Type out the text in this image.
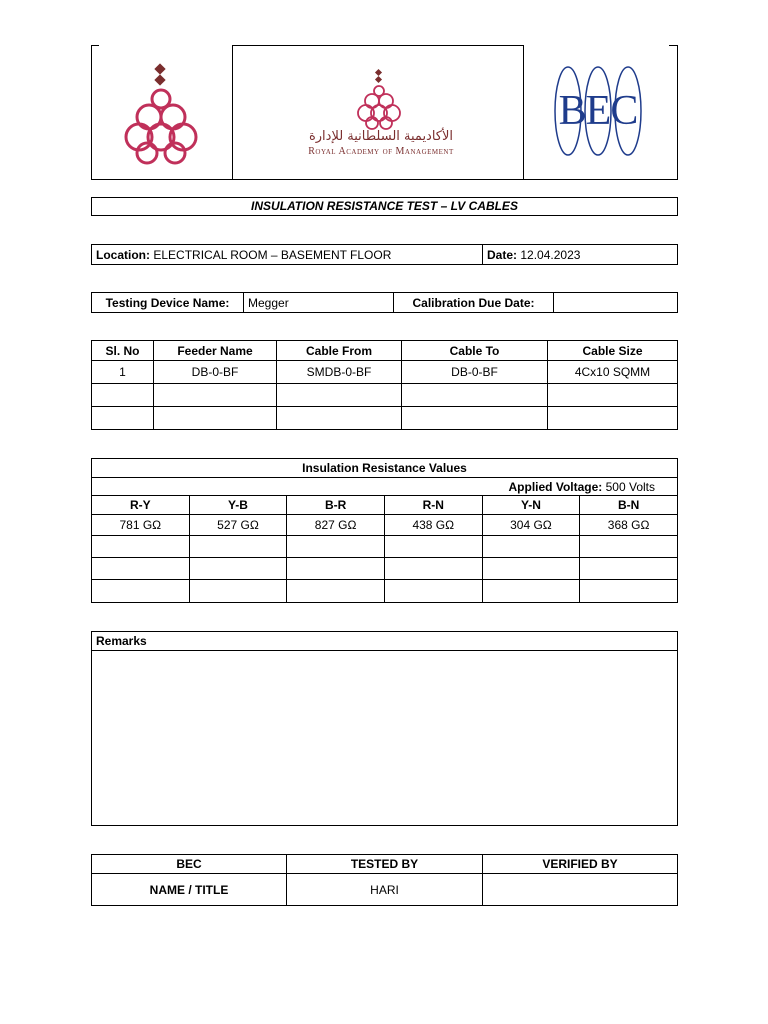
الأكاديمية السلطانية للإدارة
Royal Academy of Management
BEC
INSULATION RESISTANCE TEST – LV CABLES
Location: ELECTRICAL ROOM – BASEMENT FLOOR	Date: 12.04.2023
Testing Device Name:	Megger	Calibration Due Date:	
Sl. No	Feeder Name	Cable From	Cable To	Cable Size
1	DB-0-BF	SMDB-0-BF	DB-0-BF	4Cx10 SQMM

Insulation Resistance Values					
Applied Voltage: 500 Volts					
R-Y	Y-B	B-R	R-N	Y-N	B-N
781 GΩ	527 GΩ	827 GΩ	438 GΩ	304 GΩ	368 GΩ

Remarks

BEC	TESTED BY	VERIFIED BY
NAME / TITLE	HARI	
